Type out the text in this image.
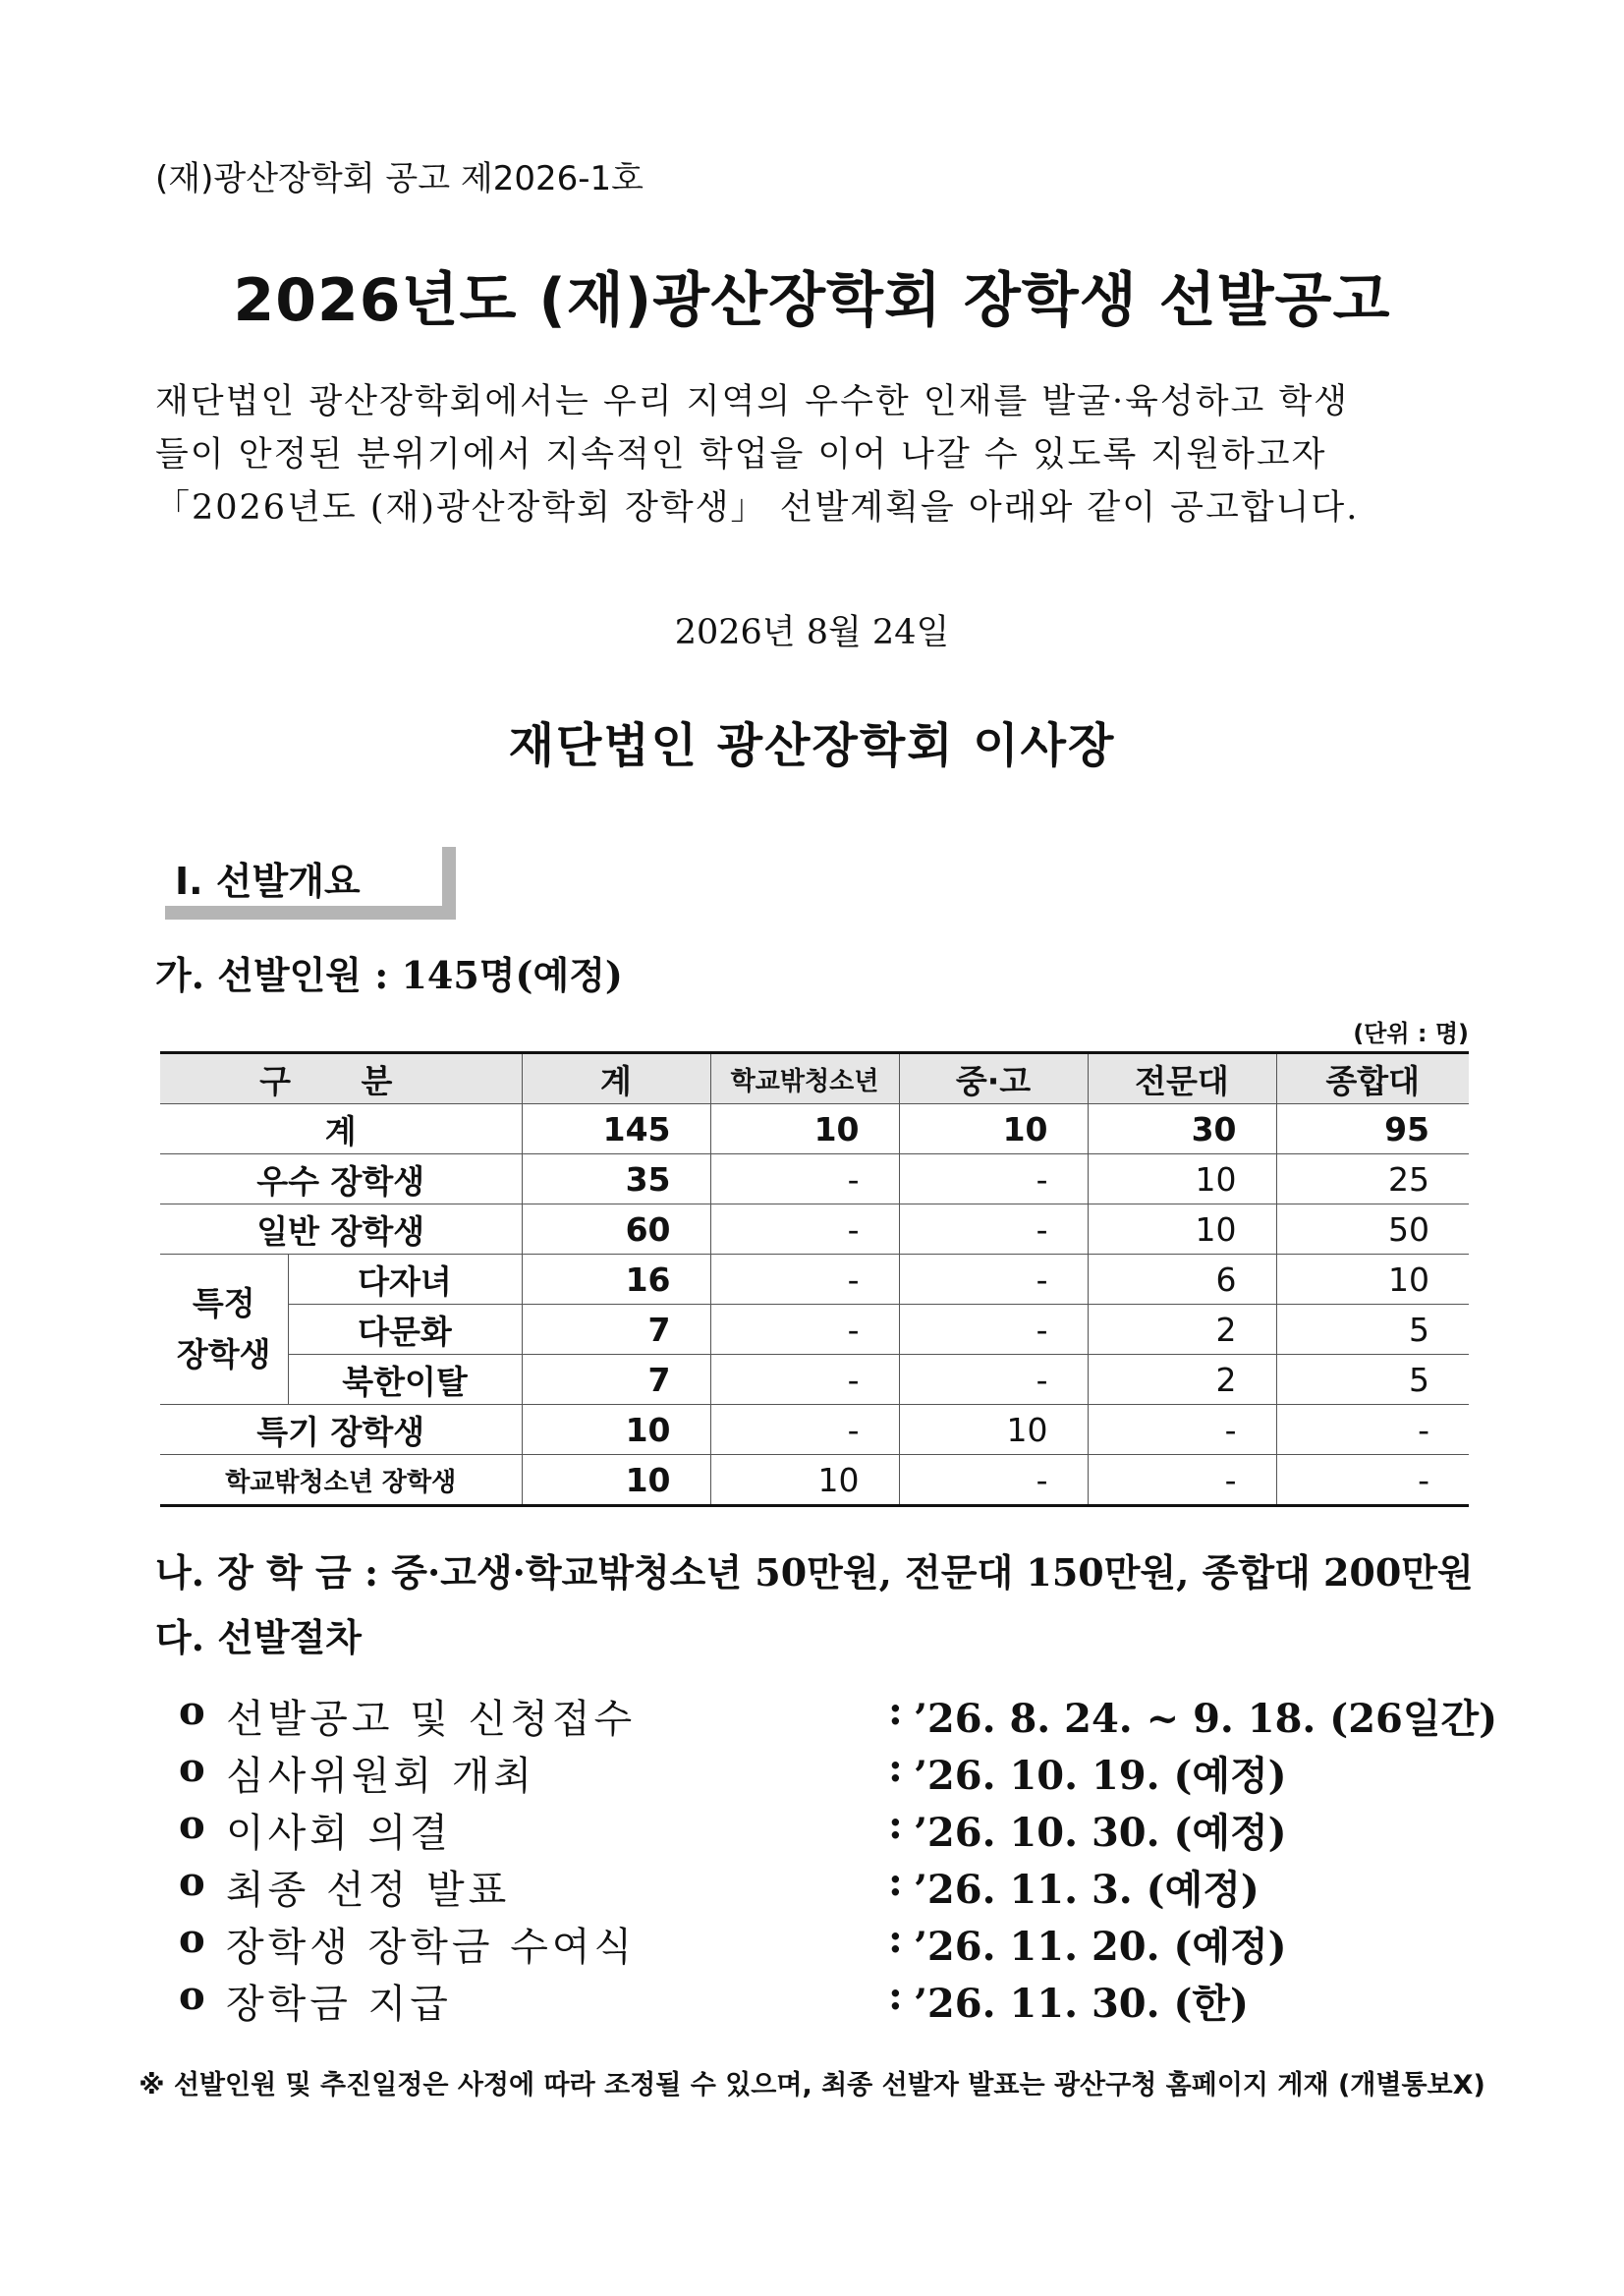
(재)광산장학회 공고 제2026-1호
2026년도 (재)광산장학회 장학생 선발공고

재단법인 광산장학회에서는 우리 지역의 우수한 인재를 발굴·육성하고 학생

들이 안정된 분위기에서 지속적인 학업을 이어 나갈 수 있도록 지원하고자

「2026년도 (재)광산장학회 장학생」 선발계획을 아래와 같이 공고합니다.

2026년 8월 24일
재단법인 광산장학회 이사장
Ⅰ. 선발개요
가. 선발인원 : 145명(예정)
(단위 : 명)
구 분		계	학교밖청소년	중·고	전문대	종합대
계		145	10	10	30	95
우수 장학생		35	-	-	10	25
일반 장학생		60	-	-	10	50

특정
장학생	다자녀	16	-	-	6	10
	다문화	7	-	-	2	5
	북한이탈	7	-	-	2	5
특기 장학생		10	-	10	-	-
학교밖청소년 장학생		10	10	-	-	-
나. 장 학 금 : 중·고생·학교밖청소년 50만원, 전문대 150만원, 종합대 200만원
다. 선발절차
o 선발공고 및 신청접수	: ’26. 8. 24. ~ 9. 18. (26일간)
o 심사위원회 개최	: ’26. 10. 19. (예정)
o 이사회 의결	: ’26. 10. 30. (예정)
o 최종 선정 발표	: ’26. 11. 3. (예정)
o 장학생 장학금 수여식	: ’26. 11. 20. (예정)
o 장학금 지급	: ’26. 11. 30. (한)
※ 선발인원 및 추진일정은 사정에 따라 조정될 수 있으며, 최종 선발자 발표는 광산구청 홈페이지 게재 (개별통보X)
